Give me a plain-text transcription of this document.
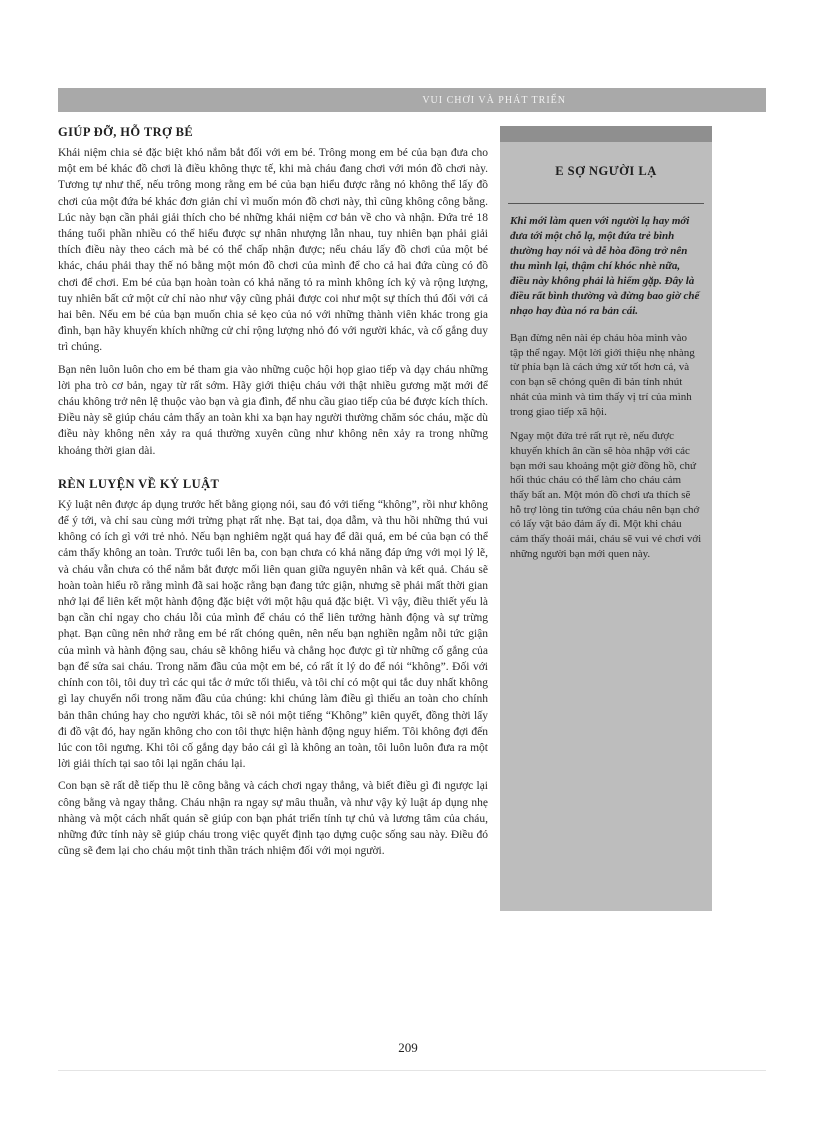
VUI CHƠI VÀ PHÁT TRIỂN
GIÚP ĐỠ, HỖ TRỢ BÉ

Khái niệm chia sẻ đặc biệt khó nắm bắt đối với em bé. Trông mong em bé của bạn đưa cho một em bé khác đồ chơi là điều không thực tế, khi mà cháu đang chơi với món đồ chơi này. Tương tự như thế, nếu trông mong rằng em bé của bạn hiểu được rằng nó không thể lấy đồ chơi của một đứa bé khác đơn giản chỉ vì muốn món đồ chơi này, thì cũng không công bằng. Lúc này bạn cần phải giải thích cho bé những khái niệm cơ bản về cho và nhận. Đứa trẻ 18 tháng tuổi phần nhiều có thể hiểu được sự nhân nhượng lẫn nhau, tuy nhiên bạn phải giải thích điều này theo cách mà bé có thể chấp nhận được; nếu cháu lấy đồ chơi của một bé khác, cháu phải thay thế nó bằng một món đồ chơi của mình để cho cả hai đứa cùng có đồ chơi để chơi. Em bé của bạn hoàn toàn có khả năng tỏ ra mình không ích kỷ và rộng lượng, tuy nhiên bất cứ một cử chỉ nào như vậy cũng phải được coi như một sự thích thú đối với cả hai bên. Nếu em bé của bạn muốn chia sẻ kẹo của nó với những thành viên khác trong gia đình, bạn hãy khuyến khích những cử chỉ rộng lượng nhỏ đó với người khác, và cố gắng duy trì chúng.

Bạn nên luôn luôn cho em bé tham gia vào những cuộc hội họp giao tiếp và dạy cháu những lời pha trò cơ bản, ngay từ rất sớm. Hãy giới thiệu cháu với thật nhiều gương mặt mới để cháu không trở nên lệ thuộc vào bạn và gia đình, để nhu cầu giao tiếp của bé được kích thích. Điều này sẽ giúp cháu cảm thấy an toàn khi xa bạn hay người thường chăm sóc cháu, mặc dù điều này không nên xảy ra quá thường xuyên cũng như không nên xảy ra trong những khoảng thời gian dài.

RÈN LUYỆN VỀ KỶ LUẬT

Kỷ luật nên được áp dụng trước hết bằng giọng nói, sau đó với tiếng “không”, rồi như không để ý tới, và chỉ sau cùng mới trừng phạt rất nhẹ. Bạt tai, dọa dẫm, và thu hồi những thú vui không có ích gì với trẻ nhỏ. Nếu bạn nghiêm ngặt quá hay để dãi quá, em bé của bạn có thể cảm thấy không an toàn. Trước tuổi lên ba, con bạn chưa có khả năng đáp ứng với mọi lý lẽ, và cháu vẫn chưa có thể nắm bắt được mối liên quan giữa nguyên nhân và kết quả. Cháu sẽ hoàn toàn hiểu rõ rằng mình đã sai hoặc rằng bạn đang tức giận, nhưng sẽ phải mất thời gian nhớ lại để liên kết một hành động đặc biệt với một hậu quả đặc biệt. Vì vậy, điều thiết yếu là bạn cần chỉ ngay cho cháu lỗi của mình để cháu có thể liên tưởng hành động và sự trừng phạt. Bạn cũng nên nhớ rằng em bé rất chóng quên, nên nếu bạn nghiền ngẫm nỗi tức giận của mình và hành động sau, cháu sẽ không hiểu và chẳng học được gì từ những cố gắng của bạn để sửa sai cháu. Trong năm đầu của một em bé, có rất ít lý do để nói “không”. Đối với chính con tôi, tôi duy trì các qui tắc ở mức tối thiểu, và tôi chỉ có một qui tắc duy nhất không gì lay chuyển nổi trong năm đầu của chúng: khi chúng làm điều gì thiếu an toàn cho chính bản thân chúng hay cho người khác, tôi sẽ nói một tiếng “Không” kiên quyết, đồng thời lấy đi đồ vật đó, hay ngăn không cho con tôi thực hiện hành động nguy hiểm. Tôi không đợi đến lúc con tôi ngưng. Khi tôi cố gắng dạy bảo cái gì là không an toàn, tôi luôn luôn đưa ra một lời giải thích tại sao tôi lại ngăn cháu lại.

Con bạn sẽ rất dễ tiếp thu lẽ công bằng và cách chơi ngay thẳng, và biết điều gì đi ngược lại công bằng và ngay thẳng. Cháu nhận ra ngay sự mâu thuẫn, và như vậy kỷ luật áp dụng nhẹ nhàng và một cách nhất quán sẽ giúp con bạn phát triển tính tự chủ và lương tâm của cháu, những đức tính này sẽ giúp cháu trong việc quyết định tạo dựng cuộc sống sau này. Điều đó cũng sẽ đem lại cho cháu một tinh thần trách nhiệm đối với mọi người.

E SỢ NGƯỜI LẠ

Khi mới làm quen với người lạ hay mới đưa tới một chỗ lạ, một đứa trẻ bình thường hay nói và dễ hòa đồng trở nên thu mình lại, thậm chí khóc nhè nữa, điều này không phải là hiếm gặp. Đây là điều rất bình thường và đừng bao giờ chế nhạo hay đùa nó ra bản cái.

Bạn đừng nên nài ép cháu hòa mình vào tập thể ngay. Một lời giới thiệu nhẹ nhàng từ phía bạn là cách ứng xử tốt hơn cả, và con bạn sẽ chóng quên đi bản tính nhút nhát của mình và tìm thấy vị trí của mình trong giao tiếp xã hội.

Ngay một đứa trẻ rất rụt rè, nếu được khuyến khích ân cần sẽ hòa nhập với các bạn mới sau khoảng một giờ đồng hồ, chứ hối thúc cháu có thể làm cho cháu cảm thấy bất an. Một món đồ chơi ưa thích sẽ hỗ trợ lòng tin tưởng của cháu nên bạn chớ có lấy vật bảo đảm ấy đi. Một khi cháu cảm thấy thoải mái, cháu sẽ vui vẻ chơi với những người bạn mới quen này.

209
